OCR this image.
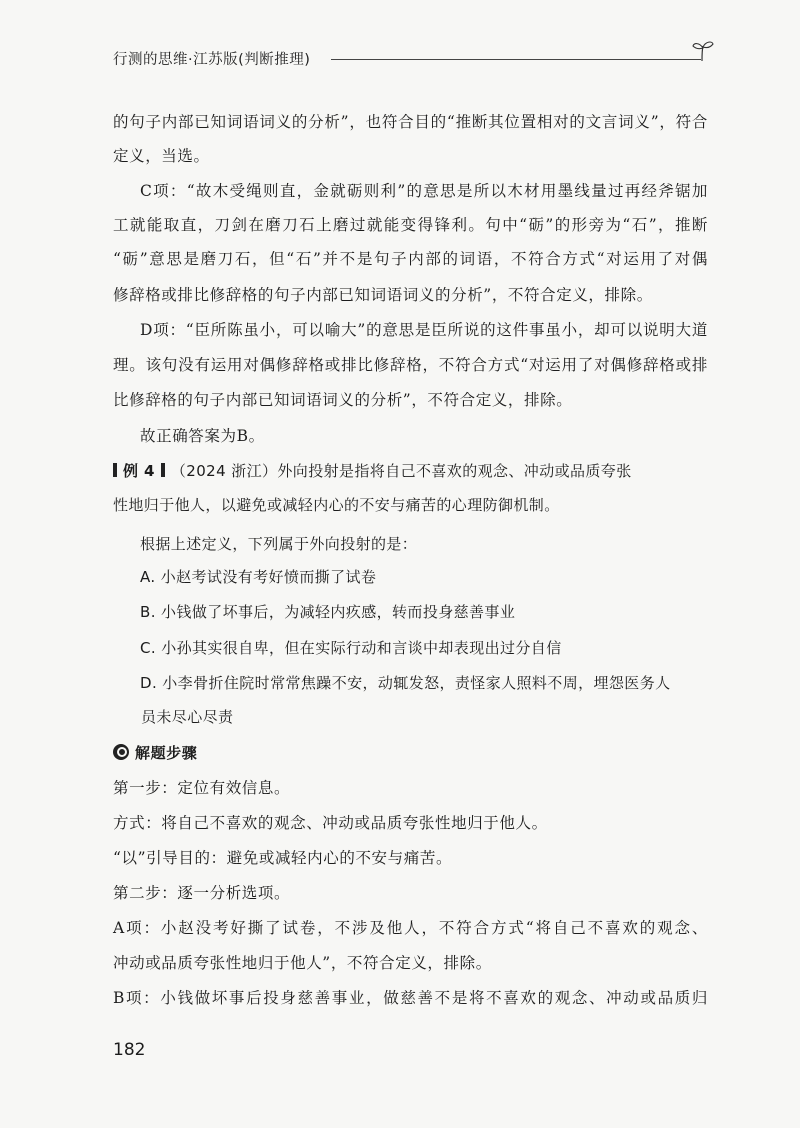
行测的思维·江苏版(判断推理)
的句子内部已知词语词义的分析”，也符合目的“推断其位置相对的文言词义”，符合
定义，当选。
C项：“故木受绳则直，金就砺则利”的意思是所以木材用墨线量过再经斧锯加
工就能取直，刀剑在磨刀石上磨过就能变得锋利。句中“砺”的形旁为“石”，推断
“砺”意思是磨刀石，但“石”并不是句子内部的词语，不符合方式“对运用了对偶
修辞格或排比修辞格的句子内部已知词语词义的分析”，不符合定义，排除。
D项：“臣所陈虽小，可以喻大”的意思是臣所说的这件事虽小，却可以说明大道
理。该句没有运用对偶修辞格或排比修辞格，不符合方式“对运用了对偶修辞格或排
比修辞格的句子内部已知词语词义的分析”，不符合定义，排除。
故正确答案为B。
例 4 （2024 浙江）外向投射是指将自己不喜欢的观念、冲动或品质夸张
性地归于他人，以避免或减轻内心的不安与痛苦的心理防御机制。
根据上述定义，下列属于外向投射的是：
A. 小赵考试没有考好愤而撕了试卷
B. 小钱做了坏事后，为减轻内疚感，转而投身慈善事业
C. 小孙其实很自卑，但在实际行动和言谈中却表现出过分自信
D. 小李骨折住院时常常焦躁不安，动辄发怒，责怪家人照料不周，埋怨医务人
员未尽心尽责
解题步骤
第一步：定位有效信息。
方式：将自己不喜欢的观念、冲动或品质夸张性地归于他人。
“以”引导目的：避免或减轻内心的不安与痛苦。
第二步：逐一分析选项。
A项：小赵没考好撕了试卷，不涉及他人，不符合方式“将自己不喜欢的观念、
冲动或品质夸张性地归于他人”，不符合定义，排除。
B项：小钱做坏事后投身慈善事业，做慈善不是将不喜欢的观念、冲动或品质归
182
